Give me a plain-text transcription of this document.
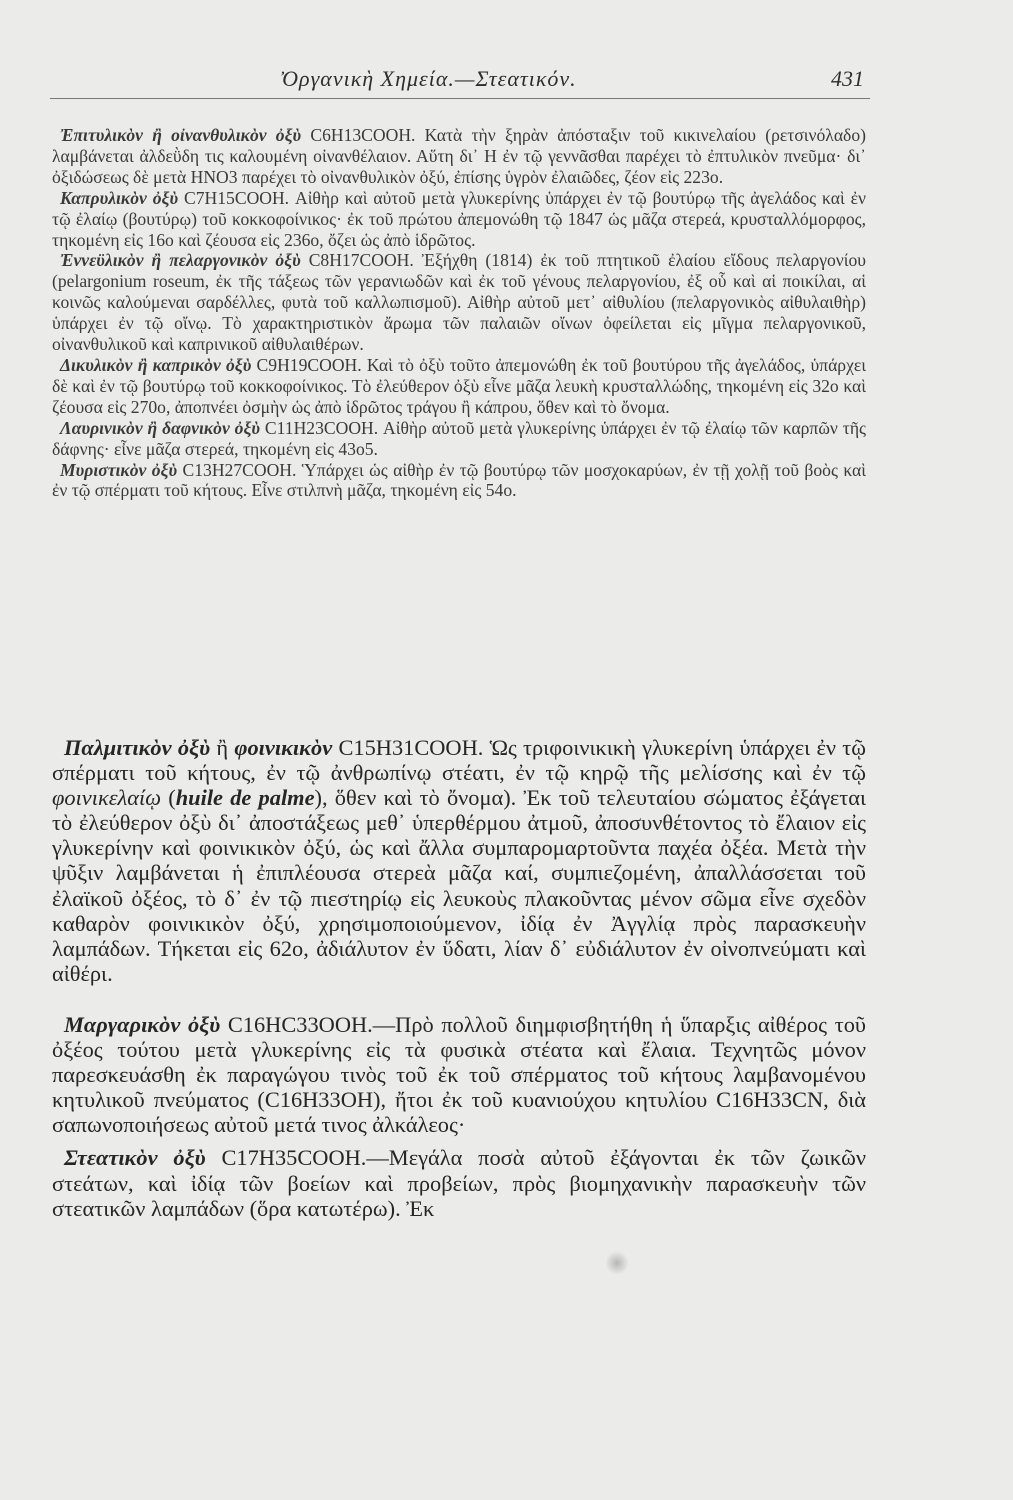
Ὀργανικὴ Χημεία.—Στεατικόν.	431

Ἐπιτυλικὸν ἢ οἰνανθυλικὸν ὀξὺ C6H13COOH. Κατὰ τὴν ξηρὰν ἀπόσταξιν τοῦ κικινελαίου (ρετσινόλαδο) λαμβάνεται ἀλδεῢδη τις καλουμένη οἰνανθέλαιον. Αὕτη δι᾽ Η ἐν τῷ γεννᾶσθαι παρέχει τὸ ἐπτυλικὸν πνεῦμα· δι᾽ ὀξιδώσεως δὲ μετὰ HNO3 παρέχει τὸ οἰνανθυλικὸν ὀξύ, ἐπίσης ὑγρὸν ἐλαιῶδες, ζέον εἰς 223ο.

Καπρυλικὸν ὀξὺ C7H15COOH. Αἰθὴρ καὶ αὐτοῦ μετὰ γλυκερίνης ὑπάρχει ἐν τῷ βουτύρῳ τῆς ἀγελάδος καὶ ἐν τῷ ἐλαίῳ (βουτύρῳ) τοῦ κοκκοφοίνικος· ἐκ τοῦ πρώτου ἀπεμονώθη τῷ 1847 ὡς μᾶζα στερεά, κρυσταλλόμορφος, τηκομένη εἰς 16ο καὶ ζέουσα εἰς 236ο, ὄζει ὡς ἀπὸ ἱδρῶτος.

Ἐννεϋλικὸν ἢ πελαργονικὸν ὀξὺ C8H17COOH. Ἐξήχθη (1814) ἐκ τοῦ πτητικοῦ ἐλαίου εἴδους πελαργονίου (pelargonium roseum, ἐκ τῆς τάξεως τῶν γερανιωδῶν καὶ ἐκ τοῦ γένους πελαργονίου, ἐξ οὗ καὶ αἱ ποικίλαι, αἱ κοινῶς καλούμεναι σαρδέλλες, φυτὰ τοῦ καλλωπισμοῦ). Αἰθὴρ αὐτοῦ μετ᾽ αἰθυλίου (πελαργονικὸς αἰθυλαιθὴρ) ὑπάρχει ἐν τῷ οἴνῳ. Τὸ χαρακτηριστικὸν ἄρωμα τῶν παλαιῶν οἴνων ὀφείλεται εἰς μῖγμα πελαργονικοῦ, οἰνανθυλικοῦ καὶ καπρινικοῦ αἰθυλαιθέρων.

Δικυλικὸν ἢ καπρικὸν ὀξὺ C9H19COOH. Καὶ τὸ ὀξὺ τοῦτο ἀπεμονώθη ἐκ τοῦ βουτύρου τῆς ἀγελάδος, ὑπάρχει δὲ καὶ ἐν τῷ βουτύρῳ τοῦ κοκκοφοίνικος. Τὸ ἐλεύθερον ὀξὺ εἶνε μᾶζα λευκὴ κρυσταλλώδης, τηκομένη εἰς 32ο καὶ ζέουσα εἰς 270ο, ἀποπνέει ὀσμὴν ὡς ἀπὸ ἱδρῶτος τράγου ἢ κάπρου, ὅθεν καὶ τὸ ὄνομα.

Λαυρινικὸν ἢ δαφνικὸν ὀξὺ C11H23COOH. Αἰθὴρ αὐτοῦ μετὰ γλυκερίνης ὑπάρχει ἐν τῷ ἐλαίῳ τῶν καρπῶν τῆς δάφνης· εἶνε μᾶζα στερεά, τηκομένη εἰς 43ο5.

Μυριστικὸν ὀξὺ C13H27COOH. Ὑπάρχει ὡς αἰθὴρ ἐν τῷ βουτύρῳ τῶν μοσχοκαρύων, ἐν τῇ χολῇ τοῦ βοὸς καὶ ἐν τῷ σπέρματι τοῦ κήτους. Εἶνε στιλπνὴ μᾶζα, τηκομένη εἰς 54ο.

Παλμιτικὸν ὀξὺ ἢ φοινικικὸν C15H31COOH. Ὡς τριφοινικικὴ γλυκερίνη ὑπάρχει ἐν τῷ σπέρματι τοῦ κήτους, ἐν τῷ ἀνθρωπίνῳ στέατι, ἐν τῷ κηρῷ τῆς μελίσσης καὶ ἐν τῷ φοινικελαίῳ (huile de palme), ὅθεν καὶ τὸ ὄνομα). Ἐκ τοῦ τελευταίου σώματος ἐξάγεται τὸ ἐλεύθερον ὀξὺ δι᾽ ἀποστάξεως μεθ᾽ ὑπερθέρμου ἀτμοῦ, ἀποσυνθέτοντος τὸ ἔλαιον εἰς γλυκερίνην καὶ φοινικικὸν ὀξύ, ὡς καὶ ἄλλα συμπαρομαρτοῦντα παχέα ὀξέα. Μετὰ τὴν ψῦξιν λαμβάνεται ἡ ἐπιπλέουσα στερεὰ μᾶζα καί, συμπιεζομένη, ἀπαλλάσσεται τοῦ ἐλαϊκοῦ ὀξέος, τὸ δ᾽ ἐν τῷ πιεστηρίῳ εἰς λευκοὺς πλακοῦντας μένον σῶμα εἶνε σχεδὸν καθαρὸν φοινικικὸν ὀξύ, χρησιμοποιούμενον, ἰδίᾳ ἐν Ἀγγλίᾳ πρὸς παρασκευὴν λαμπάδων. Τήκεται εἰς 62ο, ἀδιάλυτον ἐν ὕδατι, λίαν δ᾽ εὐδιάλυτον ἐν οἰνοπνεύματι καὶ αἰθέρι.

Μαργαρικὸν ὀξὺ C16HC33OOH.—Πρὸ πολλοῦ διημφισβητήθη ἡ ὕπαρξις αἰθέρος τοῦ ὀξέος τούτου μετὰ γλυκερίνης εἰς τὰ φυσικὰ στέατα καὶ ἔλαια. Τεχνητῶς μόνον παρεσκευάσθη ἐκ παραγώγου τινὸς τοῦ ἐκ τοῦ σπέρματος τοῦ κήτους λαμβανομένου κητυλικοῦ πνεύματος (C16H33OH), ἤτοι ἐκ τοῦ κυανιούχου κητυλίου C16H33CN, διὰ σαπωνοποιήσεως αὐτοῦ μετά τινος ἀλκάλεος·

Στεατικὸν ὀξὺ C17H35COOH.—Μεγάλα ποσὰ αὐτοῦ ἐξάγονται ἐκ τῶν ζωικῶν στεάτων, καὶ ἰδίᾳ τῶν βοείων καὶ προβείων, πρὸς βιομηχανικὴν παρασκευὴν τῶν στεατικῶν λαμπάδων (ὅρα κατωτέρω). Ἐκ
